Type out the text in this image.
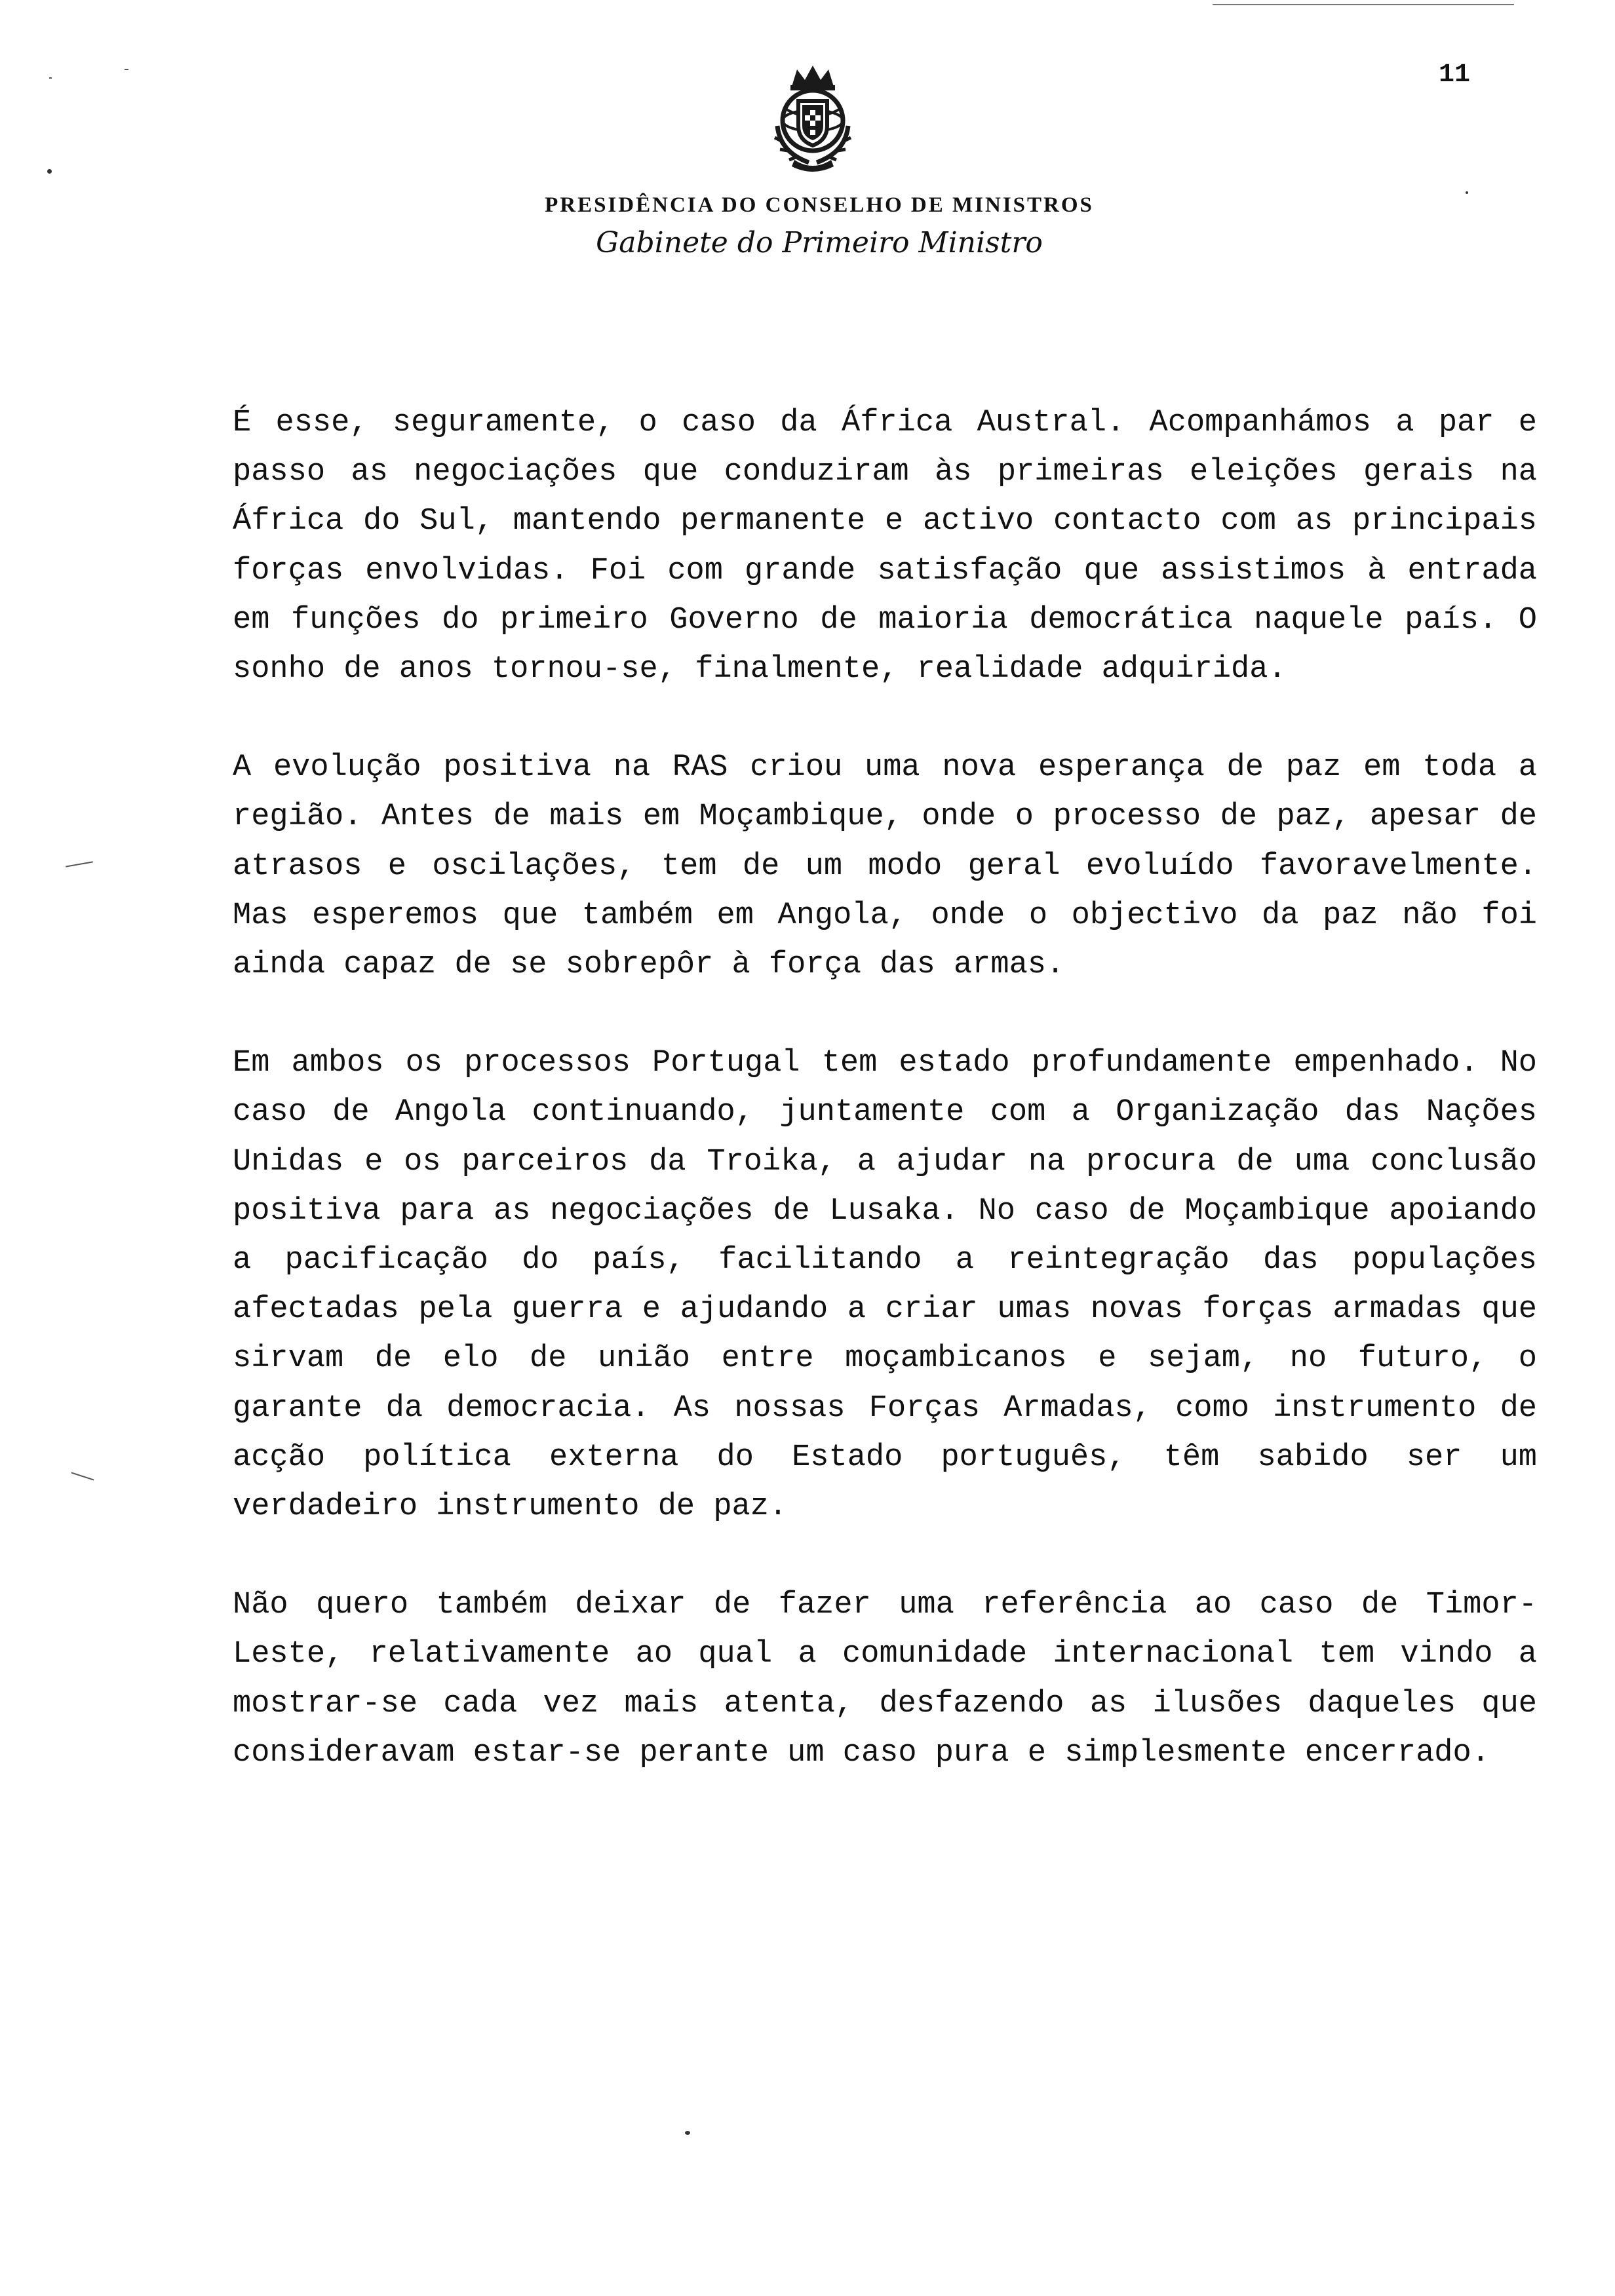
11
PRESIDÊNCIA DO CONSELHO DE MINISTROS
Gabinete do Primeiro Ministro

É esse, seguramente, o caso da África Austral. Acompanhámos a par e passo as negociações que conduziram às primeiras eleições gerais na África do Sul, mantendo permanente e activo contacto com as principais forças envolvidas. Foi com grande satisfação que assistimos à entrada em funções do primeiro Governo de maioria democrática naquele país. O sonho de anos tornou-se, finalmente, realidade adquirida.

A evolução positiva na RAS criou uma nova esperança de paz em toda a região. Antes de mais em Moçambique, onde o processo de paz, apesar de atrasos e oscilações, tem de um modo geral evoluído favoravelmente. Mas esperemos que também em Angola, onde o objectivo da paz não foi ainda capaz de se sobrepôr à força das armas.

Em ambos os processos Portugal tem estado profundamente empenhado. No caso de Angola continuando, juntamente com a Organização das Nações Unidas e os parceiros da Troika, a ajudar na procura de uma conclusão positiva para as negociações de Lusaka. No caso de Moçambique apoiando a pacificação do país, facilitando a reintegração das populações afectadas pela guerra e ajudando a criar umas novas forças armadas que sirvam de elo de união entre moçambicanos e sejam, no futuro, o garante da democracia. As nossas Forças Armadas, como instrumento de acção política externa do Estado português, têm sabido ser um verdadeiro instrumento de paz.

Não quero também deixar de fazer uma referência ao caso de Timor-Leste, relativamente ao qual a comunidade internacional tem vindo a mostrar-se cada vez mais atenta, desfazendo as ilusões daqueles que consideravam estar-se perante um caso pura e simplesmente encerrado.
